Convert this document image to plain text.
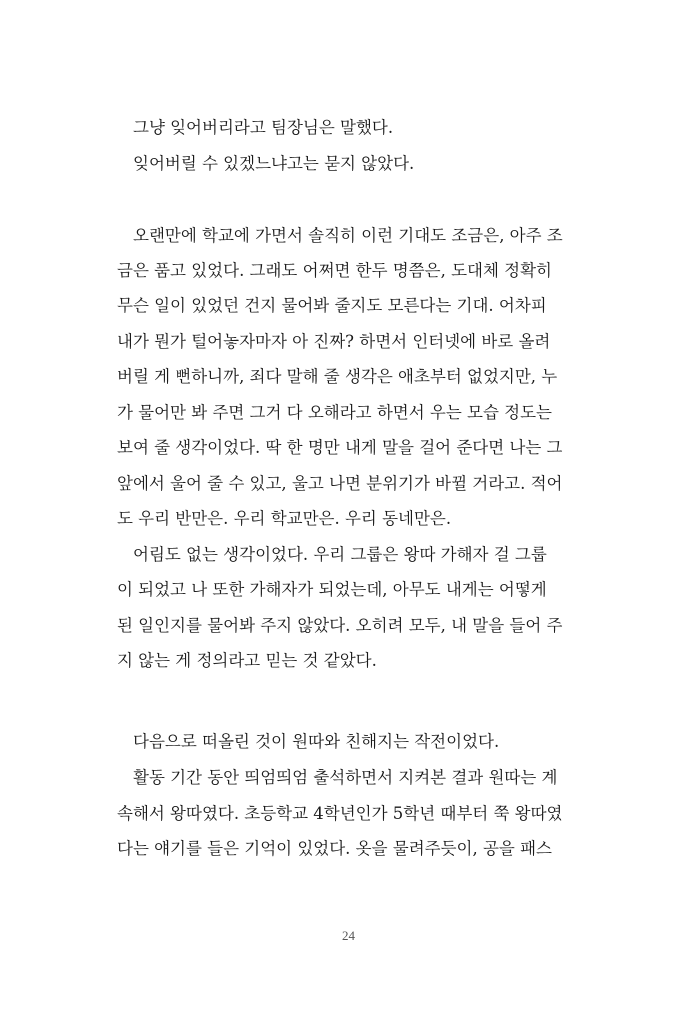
그냥 잊어버리라고 팀장님은 말했다.
잊어버릴 수 있겠느냐고는 묻지 않았다.
오랜만에 학교에 가면서 솔직히 이런 기대도 조금은, 아주 조
금은 품고 있었다. 그래도 어쩌면 한두 명쯤은, 도대체 정확히
무슨 일이 있었던 건지 물어봐 줄지도 모른다는 기대. 어차피
내가 뭔가 털어놓자마자 아 진짜? 하면서 인터넷에 바로 올려
버릴 게 뻔하니까, 죄다 말해 줄 생각은 애초부터 없었지만, 누
가 물어만 봐 주면 그거 다 오해라고 하면서 우는 모습 정도는
보여 줄 생각이었다. 딱 한 명만 내게 말을 걸어 준다면 나는 그
앞에서 울어 줄 수 있고, 울고 나면 분위기가 바뀔 거라고. 적어
도 우리 반만은. 우리 학교만은. 우리 동네만은.
어림도 없는 생각이었다. 우리 그룹은 왕따 가해자 걸 그룹
이 되었고 나 또한 가해자가 되었는데, 아무도 내게는 어떻게
된 일인지를 물어봐 주지 않았다. 오히려 모두, 내 말을 들어 주
지 않는 게 정의라고 믿는 것 같았다.
다음으로 떠올린 것이 원따와 친해지는 작전이었다.
활동 기간 동안 띄엄띄엄 출석하면서 지켜본 결과 원따는 계
속해서 왕따였다. 초등학교 4학년인가 5학년 때부터 쭉 왕따였
다는 얘기를 들은 기억이 있었다. 옷을 물려주듯이, 공을 패스
24
